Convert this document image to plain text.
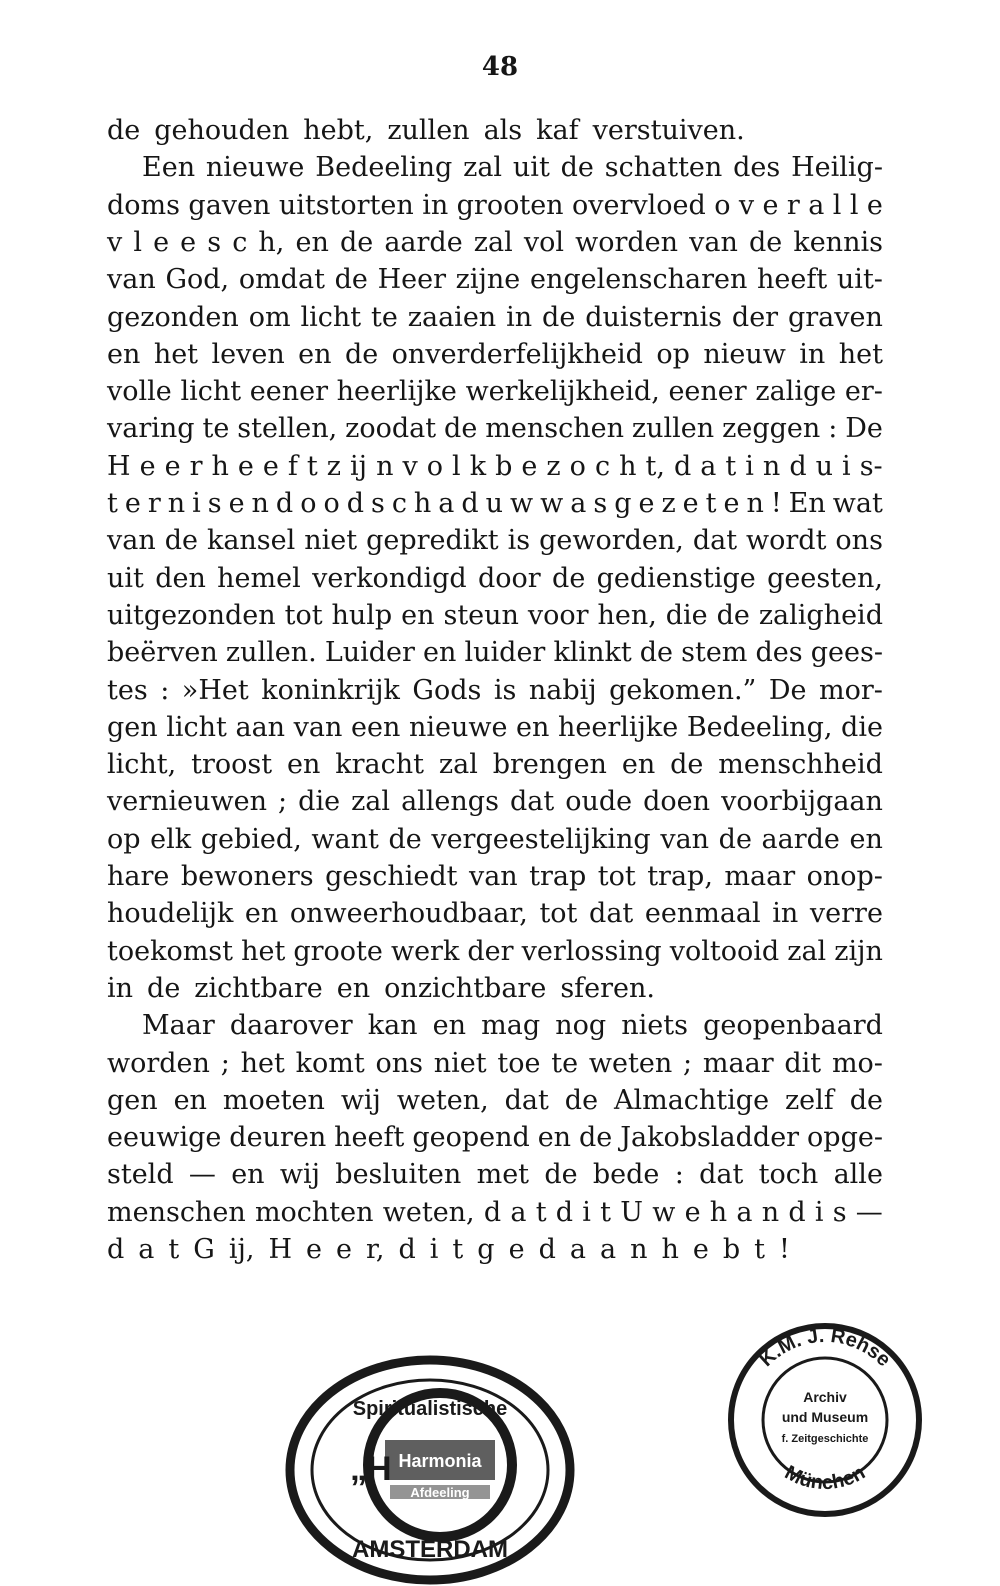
48
de gehouden hebt, zullen als kaf verstuiven.
Een nieuwe Bedeeling zal uit de schatten des Heilig-
doms gaven uitstorten in grooten overvloed o v e r a l l e
v l e e s c h, en de aarde zal vol worden van de kennis
van God, omdat de Heer zijne engelenscharen heeft uit-
gezonden om licht te zaaien in de duisternis der graven
en het leven en de onverderfelijkheid op nieuw in het
volle licht eener heerlijke werkelijkheid, eener zalige er-
varing te stellen, zoodat de menschen zullen zeggen : De
H e e r h e e f t z ij n v o l k b e z o c h t, d a t i n d u i s-
t e r n i s e n d o o d s c h a d u w w a s g e z e t e n ! En wat
van de kansel niet gepredikt is geworden, dat wordt ons
uit den hemel verkondigd door de gedienstige geesten,
uitgezonden tot hulp en steun voor hen, die de zaligheid
beërven zullen. Luider en luider klinkt de stem des gees-
tes : »Het koninkrijk Gods is nabij gekomen.” De mor-
gen licht aan van een nieuwe en heerlijke Bedeeling, die
licht, troost en kracht zal brengen en de menschheid
vernieuwen ; die zal allengs dat oude doen voorbijgaan
op elk gebied, want de vergeestelijking van de aarde en
hare bewoners geschiedt van trap tot trap, maar onop-
houdelijk en onweerhoudbaar, tot dat eenmaal in verre
toekomst het groote werk der verlossing voltooid zal zijn
in de zichtbare en onzichtbare sferen.
Maar daarover kan en mag nog niets geopenbaard
worden ; het komt ons niet toe te weten ; maar dit mo-
gen en moeten wij weten, dat de Almachtige zelf de
eeuwige deuren heeft geopend en de Jakobsladder opge-
steld — en wij besluiten met de bede : dat toch alle
menschen mochten weten, d a t d i t U w e h a n d i s —
d a t G ij, H e e r, d i t g e d a a n h e b t !
„H
Spiritualistische
Harmonia
Afdeeling
AMSTERDAM
K.M. J. Rehse
München
Archiv
und Museum
f. Zeitgeschichte
